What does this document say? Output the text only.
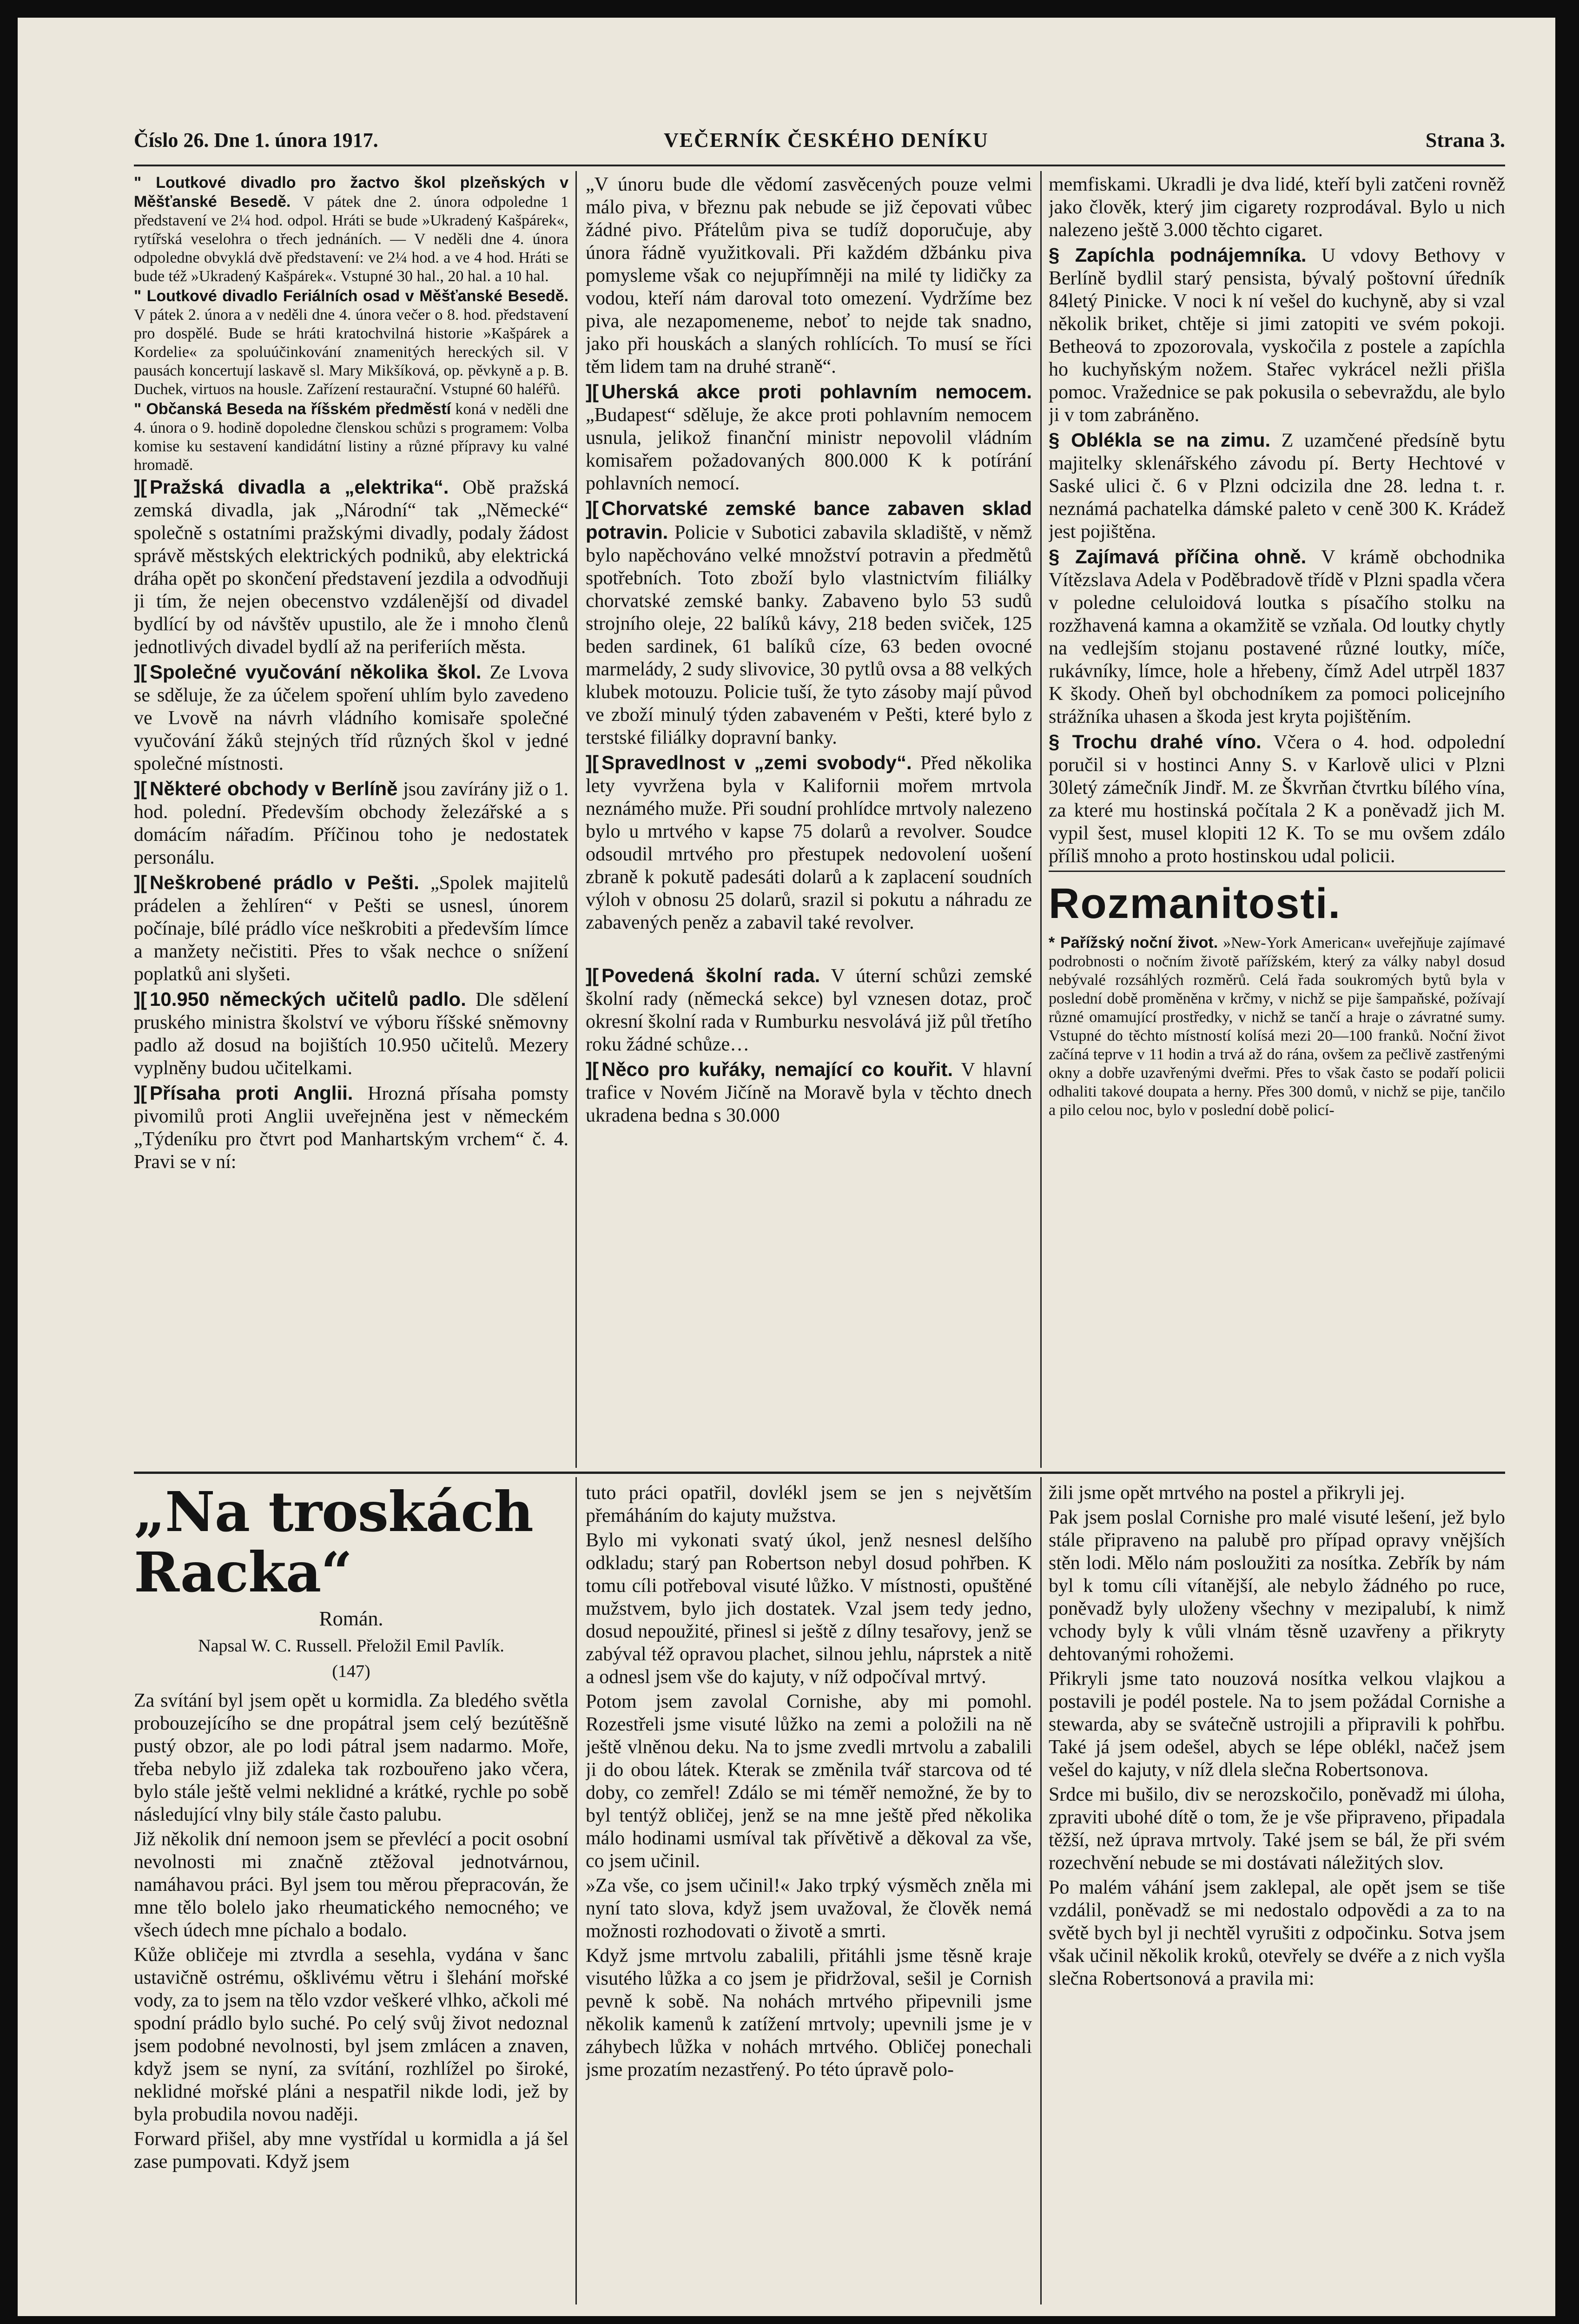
Číslo 26. Dne 1. února 1917.	VEČERNÍK ČESKÉHO DENÍKU	Strana 3.

" Loutkové divadlo pro žactvo škol plzeňských v Měšťanské Besedě. V pátek dne 2. února odpoledne 1 představení ve 2¼ hod. odpol. Hráti se bude »Ukradený Kašpárek«, rytířská veselohra o třech jednáních. — V neděli dne 4. února odpoledne obvyklá dvě představení: ve 2¼ hod. a ve 4 hod. Hráti se bude též »Ukradený Kašpárek«. Vstupné 30 hal., 20 hal. a 10 hal.

" Loutkové divadlo Feriálních osad v Měšťanské Besedě. V pátek 2. února a v neděli dne 4. února večer o 8. hod. představení pro dospělé. Bude se hráti kratochvilná historie »Kašpárek a Kordelie« za spoluúčinkování znamenitých hereckých sil. V pausách koncertují laskavě sl. Mary Mikšíková, op. pěvkyně a p. B. Duchek, virtuos na housle. Zařízení restaurační. Vstupné 60 haléřů.

" Občanská Beseda na říšském předměstí koná v neděli dne 4. února o 9. hodině dopoledne členskou schůzi s programem: Volba komise ku sestavení kandidátní listiny a různé přípravy ku valné hromadě.

][ Pražská divadla a „elektrika“. Obě pražská zemská divadla, jak „Národní“ tak „Německé“ společně s ostatními pražskými divadly, podaly žádost správě městských elektrických podniků, aby elektrická dráha opět po skončení představení jezdila a odvodňuji ji tím, že nejen obecenstvo vzdálenější od divadel bydlící by od návštěv upustilo, ale že i mnoho členů jednotlivých divadel bydlí až na periferiích města.

][ Společné vyučování několika škol. Ze Lvova se sděluje, že za účelem spoření uhlím bylo zavedeno ve Lvově na návrh vládního komisaře společné vyučování žáků stejných tříd různých škol v jedné společné místnosti.

][ Některé obchody v Berlíně jsou zavírány již o 1. hod. polední. Především obchody železářské a s domácím nářadím. Příčinou toho je nedostatek personálu.

][ Neškrobené prádlo v Pešti. „Spolek majitelů prádelen a žehlíren“ v Pešti se usnesl, únorem počínaje, bílé prádlo více neškrobiti a především límce a manžety nečistiti. Přes to však nechce o snížení poplatků ani slyšeti.

][ 10.950 německých učitelů padlo. Dle sdělení pruského ministra školství ve výboru říšské sněmovny padlo až dosud na bojištích 10.950 učitelů. Mezery vyplněny budou učitelkami.

][ Přísaha proti Anglii. Hrozná přísaha pomsty pivomilů proti Anglii uveřejněna jest v německém „Týdeníku pro čtvrt pod Manhartským vrchem“ č. 4. Pravi se v ní:

„V únoru bude dle vědomí zasvěcených pouze velmi málo piva, v březnu pak nebude se již čepovati vůbec žádné pivo. Přátelům piva se tudíž doporučuje, aby února řádně využitkovali. Při každém džbánku piva pomysleme však co nejupřímněji na milé ty lidičky za vodou, kteří nám daroval toto omezení. Vydržíme bez piva, ale nezapomeneme, neboť to nejde tak snadno, jako při houskách a slaných rohlících. To musí se říci těm lidem tam na druhé straně“.

][ Uherská akce proti pohlavním nemocem. „Budapest“ sděluje, že akce proti pohlavním nemocem usnula, jelikož finanční ministr nepovolil vládním komisařem požadovaných 800.000 K k potírání pohlavních nemocí.

][ Chorvatské zemské bance zabaven sklad potravin. Policie v Subotici zabavila skladiště, v němž bylo napěchováno velké množství potravin a předmětů spotřebních. Toto zboží bylo vlastnictvím filiálky chorvatské zemské banky. Zabaveno bylo 53 sudů strojního oleje, 22 balíků kávy, 218 beden sviček, 125 beden sardinek, 61 balíků cíze, 63 beden ovocné marmelády, 2 sudy slivovice, 30 pytlů ovsa a 88 velkých klubek motouzu. Policie tuší, že tyto zásoby mají původ ve zboží minulý týden zabaveném v Pešti, které bylo z terstské filiálky dopravní banky.

][ Spravedlnost v „zemi svobody“. Před několika lety vyvržena byla v Kalifornii mořem mrtvola neznámého muže. Při soudní prohlídce mrtvoly nalezeno bylo u mrtvého v kapse 75 dolarů a revolver. Soudce odsoudil mrtvého pro přestupek nedovolení uošení zbraně k pokutě padesáti dolarů a k zaplacení soudních výloh v obnosu 25 dolarů, srazil si pokutu a náhradu ze zabavených peněz a zabavil také revolver.

][ Povedená školní rada. V úterní schůzi zemské školní rady (německá sekce) byl vznesen dotaz, proč okresní školní rada v Rumburku nesvolává již půl třetího roku žádné schůze…

][ Něco pro kuřáky, nemající co kouřit. V hlavní trafice v Novém Jičíně na Moravě byla v těchto dnech ukradena bedna s 30.000

memfiskami. Ukradli je dva lidé, kteří byli zatčeni rovněž jako člověk, který jim cigarety rozprodával. Bylo u nich nalezeno ještě 3.000 těchto cigaret.

§ Zapíchla podnájemníka. U vdovy Bethovy v Berlíně bydlil starý pensista, bývalý poštovní úředník 84letý Pinicke. V noci k ní vešel do kuchyně, aby si vzal několik briket, chtěje si jimi zatopiti ve svém pokoji. Betheová to zpozorovala, vyskočila z postele a zapíchla ho kuchyňským nožem. Stařec vykrácel nežli přišla pomoc. Vražednice se pak pokusila o sebevraždu, ale bylo ji v tom zabráněno.

§ Oblékla se na zimu. Z uzamčené předsíně bytu majitelky sklenářského závodu pí. Berty Hechtové v Saské ulici č. 6 v Plzni odcizila dne 28. ledna t. r. neznámá pachatelka dámské paleto v ceně 300 K. Krádež jest pojištěna.

§ Zajímavá příčina ohně. V krámě obchodnika Vítězslava Adela v Poděbradově třídě v Plzni spadla včera v poledne celuloidová loutka s písačího stolku na rozžhavená kamna a okamžitě se vzňala. Od loutky chytly na vedlejším stojanu postavené různé loutky, míče, rukávníky, límce, hole a hřebeny, čímž Adel utrpěl 1837 K škody. Oheň byl obchodníkem za pomoci policejního strážníka uhasen a škoda jest kryta pojištěním.

§ Trochu drahé víno. Včera o 4. hod. odpolední poručil si v hostinci Anny S. v Karlově ulici v Plzni 30letý zámečník Jindř. M. ze Škvrňan čtvrtku bílého vína, za které mu hostinská počítala 2 K a poněvadž jich M. vypil šest, musel klopiti 12 K. To se mu ovšem zdálo příliš mnoho a proto hostinskou udal policii.

Rozmanitosti.

* Pařížský noční život. »New-York American« uveřejňuje zajímavé podrobnosti o nočním životě pařížském, který za války nabyl dosud nebývalé rozsáhlých rozměrů. Celá řada soukromých bytů byla v poslední době proměněna v krčmy, v nichž se pije šampaňské, požívají různé omamující prostředky, v nichž se tančí a hraje o závratné sumy. Vstupné do těchto místností kolísá mezi 20—100 franků. Noční život začíná teprve v 11 hodin a trvá až do rána, ovšem za pečlivě zastřenými okny a dobře uzavřenými dveřmi. Přes to však často se podaří policii odhaliti takové doupata a herny. Přes 300 domů, v nichž se pije, tančilo a pilo celou noc, bylo v poslední době policí-

„Na troskách Racka“
Román.
Napsal W. C. Russell. Přeložil Emil Pavlík.
(147)

Za svítání byl jsem opět u kormidla. Za bledého světla probouzejícího se dne propátral jsem celý bezútěšně pustý obzor, ale po lodi pátral jsem nadarmo. Moře, třeba nebylo již zdaleka tak rozbouřeno jako včera, bylo stále ještě velmi neklidné a krátké, rychle po sobě následující vlny bily stále často palubu.

Již několik dní nemoon jsem se převlécí a pocit osobní nevolnosti mi značně ztěžoval jednotvárnou, namáhavou práci. Byl jsem tou měrou přepracován, že mne tělo bolelo jako rheumatického nemocného; ve všech údech mne píchalo a bodalo.

Kůže obličeje mi ztvrdla a sesehla, vydána v šanc ustavičně ostrému, ošklivému větru i šlehání mořské vody, za to jsem na tělo vzdor veškeré vlhko, ačkoli mé spodní prádlo bylo suché. Po celý svůj život nedoznal jsem podobné nevolnosti, byl jsem zmlácen a znaven, když jsem se nyní, za svítání, rozhlížel po široké, neklidné mořské pláni a nespatřil nikde lodi, jež by byla probudila novou naději.

Forward přišel, aby mne vystřídal u kormidla a já šel zase pumpovati. Když jsem

tuto práci opatřil, dovlékl jsem se jen s největším přemáháním do kajuty mužstva.

Bylo mi vykonati svatý úkol, jenž nesnesl delšího odkladu; starý pan Robertson nebyl dosud pohřben. K tomu cíli potřeboval visuté lůžko. V místnosti, opuštěné mužstvem, bylo jich dostatek. Vzal jsem tedy jedno, dosud nepoužité, přinesl si ještě z dílny tesařovy, jenž se zabýval též opravou plachet, silnou jehlu, náprstek a nitě a odnesl jsem vše do kajuty, v níž odpočíval mrtvý.

Potom jsem zavolal Cornishe, aby mi pomohl. Rozestřeli jsme visuté lůžko na zemi a položili na ně ještě vlněnou deku. Na to jsme zvedli mrtvolu a zabalili ji do obou látek. Kterak se změnila tvář starcova od té doby, co zemřel! Zdálo se mi téměř nemožné, že by to byl tentýž obličej, jenž se na mne ještě před několika málo hodinami usmíval tak přívětivě a děkoval za vše, co jsem učinil.

»Za vše, co jsem učinil!« Jako trpký výsměch zněla mi nyní tato slova, když jsem uvažoval, že člověk nemá možnosti rozhodovati o životě a smrti.

Když jsme mrtvolu zabalili, přitáhli jsme těsně kraje visutého lůžka a co jsem je přidržoval, sešil je Cornish pevně k sobě. Na nohách mrtvého připevnili jsme několik kamenů k zatížení mrtvoly; upevnili jsme je v záhybech lůžka v nohách mrtvého. Obličej ponechali jsme prozatím nezastřený. Po této úpravě polo-

žili jsme opět mrtvého na postel a přikryli jej.

Pak jsem poslal Cornishe pro malé visuté lešení, jež bylo stále připraveno na palubě pro případ opravy vnějších stěn lodi. Mělo nám posloužiti za nosítka. Zebřík by nám byl k tomu cíli vítanější, ale nebylo žádného po ruce, poněvadž byly uloženy všechny v mezipalubí, k nimž vchody byly k vůli vlnám těsně uzavřeny a přikryty dehtovanými rohožemi.

Přikryli jsme tato nouzová nosítka velkou vlajkou a postavili je podél postele. Na to jsem požádal Cornishe a stewarda, aby se svátečně ustrojili a připravili k pohřbu. Také já jsem odešel, abych se lépe oblékl, načež jsem vešel do kajuty, v níž dlela slečna Robertsonova.

Srdce mi bušilo, div se nerozskočilo, poněvadž mi úloha, zpraviti ubohé dítě o tom, že je vše připraveno, připadala těžší, než úprava mrtvoly. Také jsem se bál, že při svém rozechvění nebude se mi dostávati náležitých slov.

Po malém váhání jsem zaklepal, ale opět jsem se tiše vzdálil, poněvadž se mi nedostalo odpovědi a za to na světě bych byl ji nechtěl vyrušiti z odpočinku. Sotva jsem však učinil několik kroků, otevřely se dvéře a z nich vyšla slečna Robertsonová a pravila mi:
